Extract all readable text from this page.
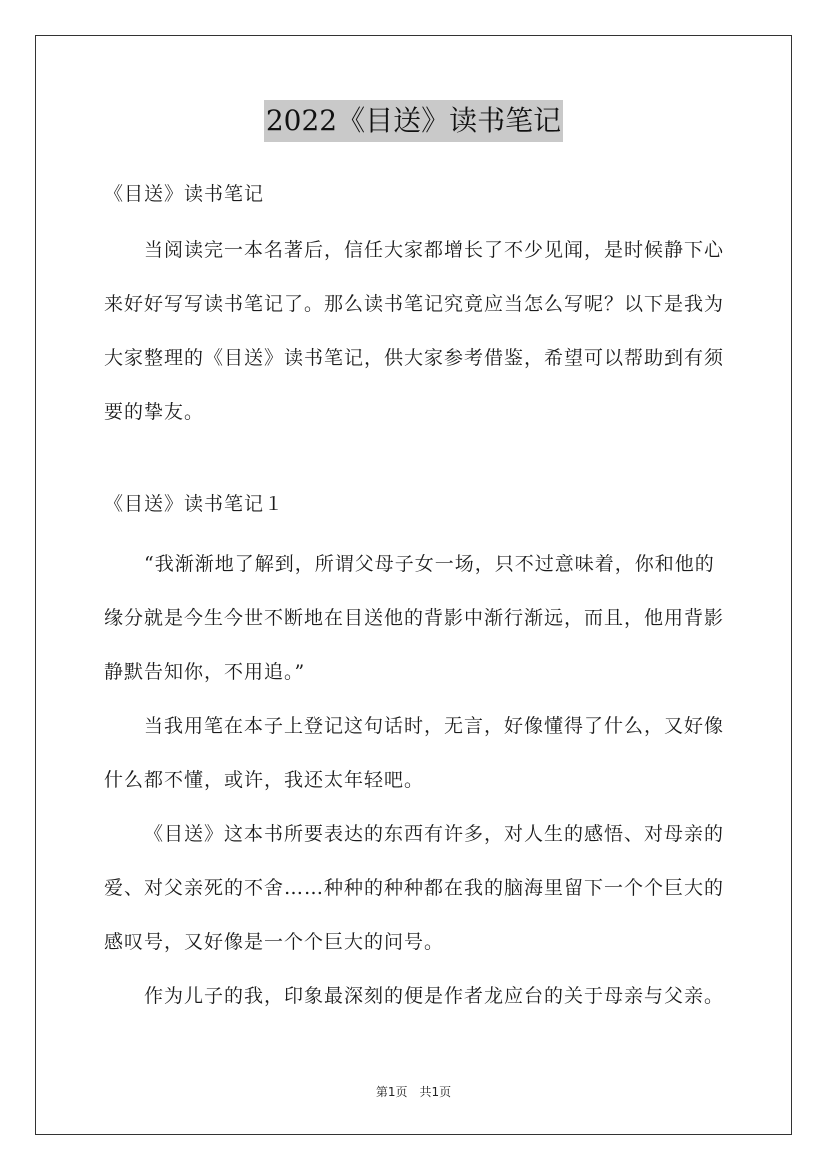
2022《目送》读书笔记

《目送》读书笔记

当阅读完一本名著后，信任大家都增长了不少见闻，是时候静下心来好好写写读书笔记了。那么读书笔记究竟应当怎么写呢？以下是我为大家整理的《目送》读书笔记，供大家参考借鉴，希望可以帮助到有须要的挚友。

《目送》读书笔记１

“我渐渐地了解到，所谓父母子女一场，只不过意味着，你和他的缘分就是今生今世不断地在目送他的背影中渐行渐远，而且，他用背影静默告知你，不用追。”

当我用笔在本子上登记这句话时，无言，好像懂得了什么，又好像什么都不懂，或许，我还太年轻吧。

《目送》这本书所要表达的东西有许多，对人生的感悟、对母亲的爱、对父亲死的不舍……种种的种种都在我的脑海里留下一个个巨大的感叹号，又好像是一个个巨大的问号。

作为儿子的我，印象最深刻的便是作者龙应台的关于母亲与父亲。

第1页　共1页
